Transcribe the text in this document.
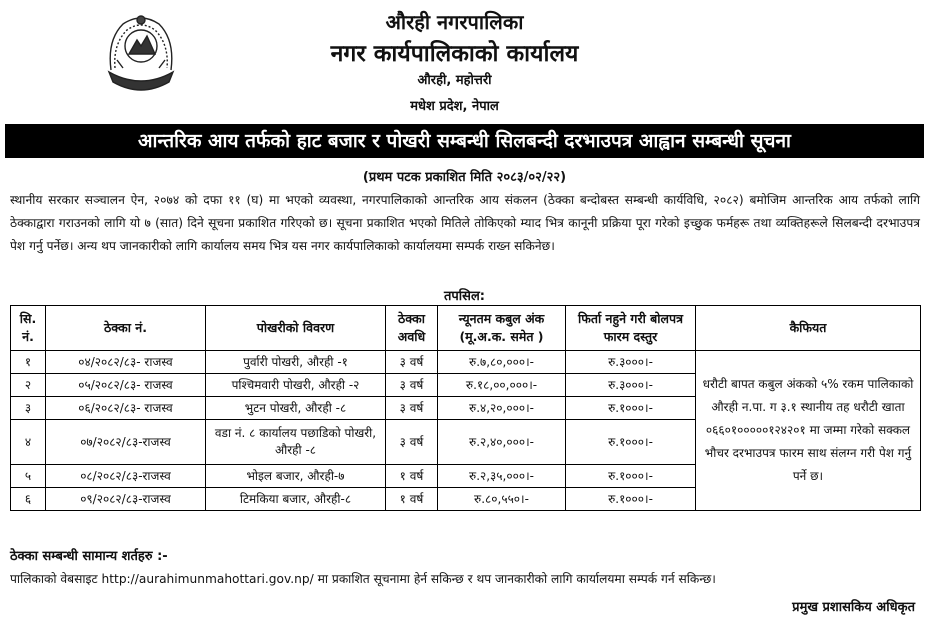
औरही नगरपालिका
नगर कार्यपालिकाको कार्यालय
औरही, महोत्तरी
मधेश प्रदेश, नेपाल
आन्तरिक आय तर्फको हाट बजार र पोखरी सम्बन्धी सिलबन्दी दरभाउपत्र आह्वान सम्बन्धी सूचना
(प्रथम पटक प्रकाशित मिति २०८३/०२/२२)
स्थानीय सरकार सञ्चालन ऐन, २०७४ को दफा ११ (घ) मा भएको व्यवस्था, नगरपालिकाको आन्तरिक आय संकलन (ठेक्का बन्दोबस्त सम्बन्धी कार्यविधि, २०८२) बमोजिम आन्तरिक आय तर्फको लागि ठेक्काद्वारा गराउनको लागि यो ७ (सात) दिने सूचना प्रकाशित गरिएको छ। सूचना प्रकाशित भएको मितिले तोकिएको म्याद भित्र कानूनी प्रक्रिया पूरा गरेको इच्छुक फर्महरू तथा व्यक्तिहरूले सिलबन्दी दरभाउपत्र पेश गर्नु पर्नेछ। अन्य थप जानकारीको लागि कार्यालय समय भित्र यस नगर कार्यपालिकाको कार्यालयमा सम्पर्क राख्न सकिनेछ।
तपसिल:
सि. नं.	ठेक्का नं.	पोखरीको विवरण	ठेक्का अवधि	न्यूनतम कबुल अंक (मू.अ.क. समेत )	फिर्ता नहुने गरी बोलपत्र फारम दस्तुर	कैफियत
१	०४/२०८२/८३- राजस्व	पुर्वारी पोखरी, औरही -१	३ वर्ष	रु.७,८०,०००।-	रु.३०००।-	धरौटी बापत कबुल अंकको ५% रकम पालिकाको औरही न.पा. ग ३.१ स्थानीय तह धरौटी खाता ०६६०१०००००१२४२०१ मा जम्मा गरेको सक्कल भौचर दरभाउपत्र फारम साथ संलग्न गरी पेश गर्नु पर्ने छ।
२	०५/२०८२/८३- राजस्व	पश्चिमवारी पोखरी, औरही -२	३ वर्ष	रु.१८,००,०००।-	रु.३०००।-	
३	०६/२०८२/८३- राजस्व	भुटन पोखरी, औरही -८	३ वर्ष	रु.४,२०,०००।-	रु.१०००।-	
४	०७/२०८२/८३-राजस्व	वडा नं. ८ कार्यालय पछाडिको पोखरी, औरही -८	३ वर्ष	रु.२,४०,०००।-	रु.१०००।-	
५	०८/२०८२/८३-राजस्व	भोइल बजार, औरही-७	१ वर्ष	रु.२,३५,०००।-	रु.१०००।-	
६	०९/२०८२/८३-राजस्व	टिमकिया बजार, औरही-८	१ वर्ष	रु.८०,५५०।-	रु.१०००।-	
ठेक्का सम्बन्धी सामान्य शर्तहरु :-
पालिकाको वेबसाइट http://aurahimunmahottari.gov.np/ मा प्रकाशित सूचनामा हेर्न सकिन्छ र थप जानकारीको लागि कार्यालयमा सम्पर्क गर्न सकिन्छ।
प्रमुख प्रशासकिय अधिकृत
